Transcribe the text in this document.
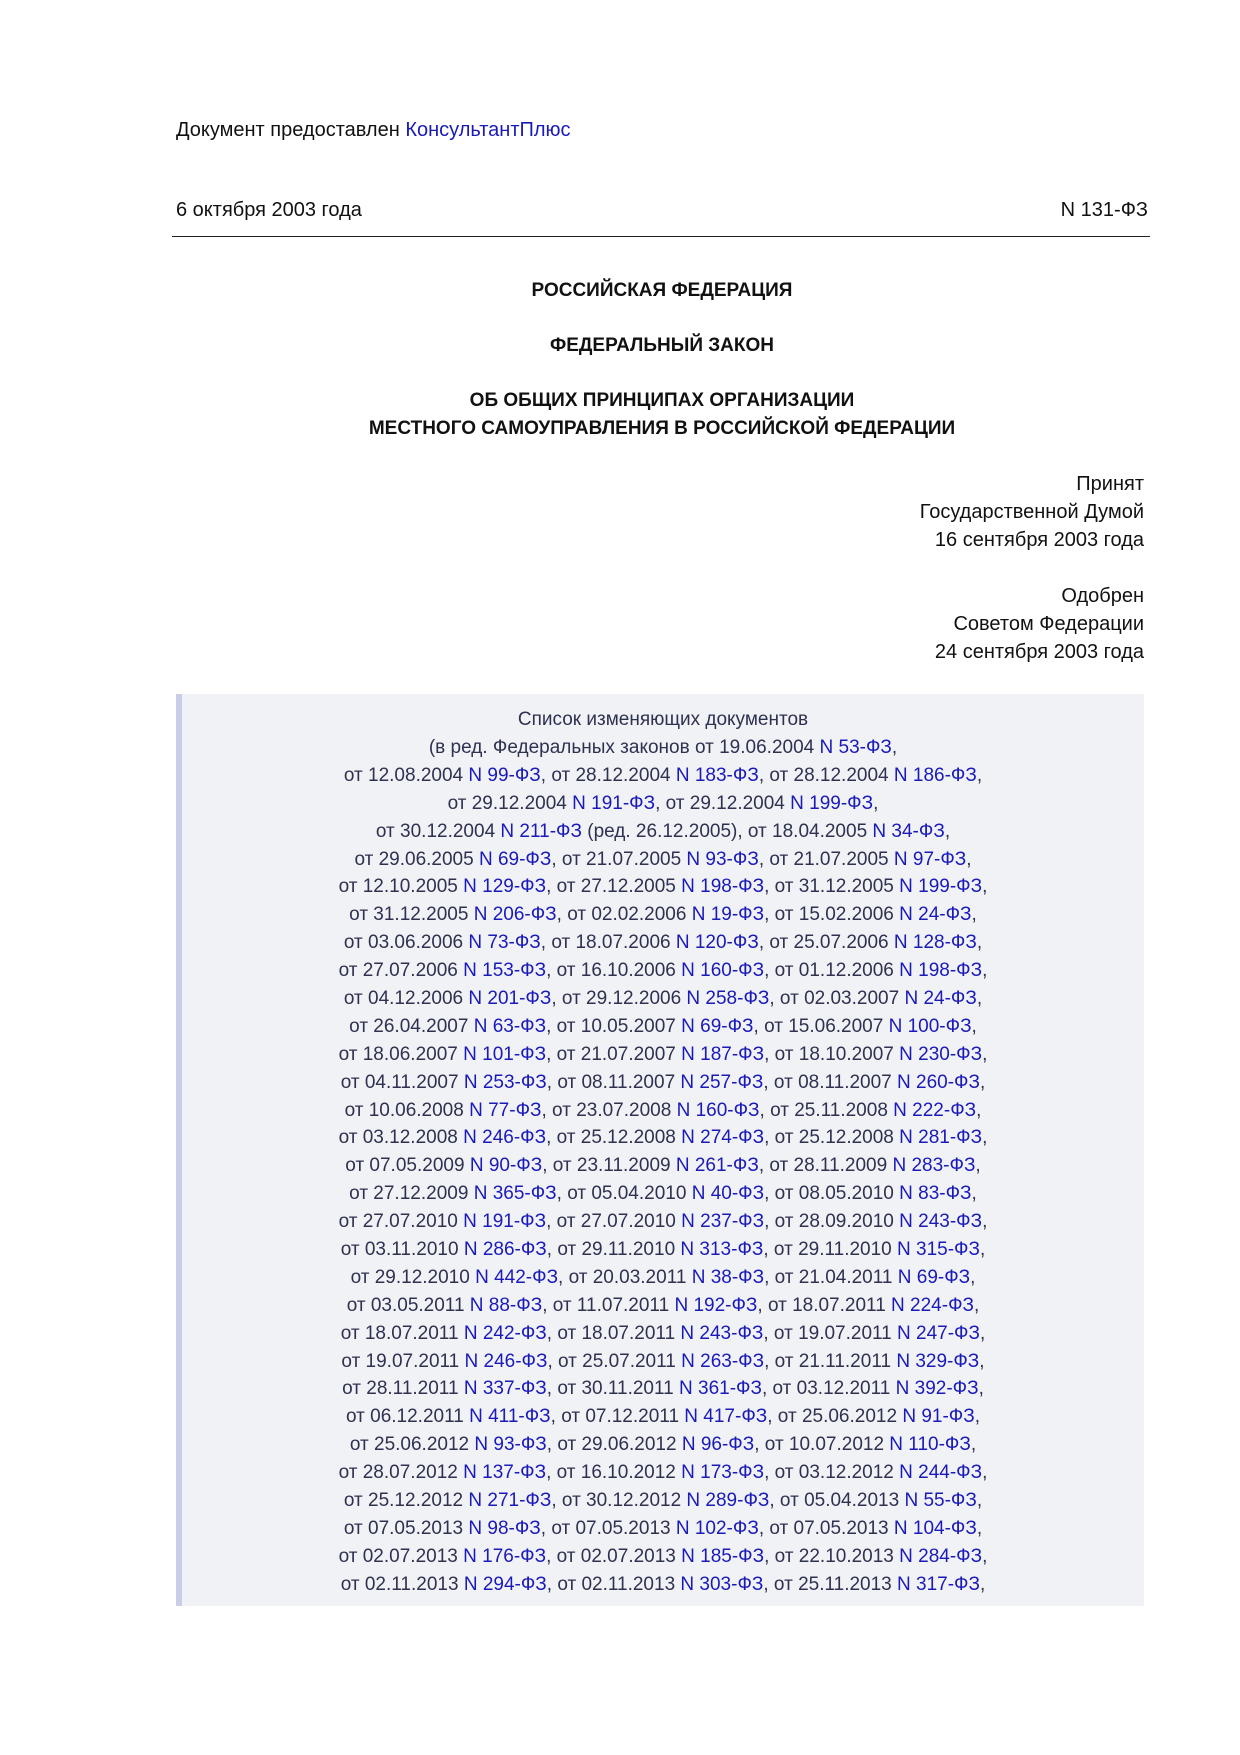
Документ предоставлен КонсультантПлюс
6 октября 2003 года	N 131-ФЗ
РОССИЙСКАЯ ФЕДЕРАЦИЯ
ФЕДЕРАЛЬНЫЙ ЗАКОН
ОБ ОБЩИХ ПРИНЦИПАХ ОРГАНИЗАЦИИ
МЕСТНОГО САМОУПРАВЛЕНИЯ В РОССИЙСКОЙ ФЕДЕРАЦИИ
Принят
Государственной Думой
16 сентября 2003 года
Одобрен
Советом Федерации
24 сентября 2003 года
Список изменяющих документов
(в ред. Федеральных законов от 19.06.2004 N 53-ФЗ,
от 12.08.2004 N 99-ФЗ, от 28.12.2004 N 183-ФЗ, от 28.12.2004 N 186-ФЗ,
от 29.12.2004 N 191-ФЗ, от 29.12.2004 N 199-ФЗ,
от 30.12.2004 N 211-ФЗ (ред. 26.12.2005), от 18.04.2005 N 34-ФЗ,
от 29.06.2005 N 69-ФЗ, от 21.07.2005 N 93-ФЗ, от 21.07.2005 N 97-ФЗ,
от 12.10.2005 N 129-ФЗ, от 27.12.2005 N 198-ФЗ, от 31.12.2005 N 199-ФЗ,
от 31.12.2005 N 206-ФЗ, от 02.02.2006 N 19-ФЗ, от 15.02.2006 N 24-ФЗ,
от 03.06.2006 N 73-ФЗ, от 18.07.2006 N 120-ФЗ, от 25.07.2006 N 128-ФЗ,
от 27.07.2006 N 153-ФЗ, от 16.10.2006 N 160-ФЗ, от 01.12.2006 N 198-ФЗ,
от 04.12.2006 N 201-ФЗ, от 29.12.2006 N 258-ФЗ, от 02.03.2007 N 24-ФЗ,
от 26.04.2007 N 63-ФЗ, от 10.05.2007 N 69-ФЗ, от 15.06.2007 N 100-ФЗ,
от 18.06.2007 N 101-ФЗ, от 21.07.2007 N 187-ФЗ, от 18.10.2007 N 230-ФЗ,
от 04.11.2007 N 253-ФЗ, от 08.11.2007 N 257-ФЗ, от 08.11.2007 N 260-ФЗ,
от 10.06.2008 N 77-ФЗ, от 23.07.2008 N 160-ФЗ, от 25.11.2008 N 222-ФЗ,
от 03.12.2008 N 246-ФЗ, от 25.12.2008 N 274-ФЗ, от 25.12.2008 N 281-ФЗ,
от 07.05.2009 N 90-ФЗ, от 23.11.2009 N 261-ФЗ, от 28.11.2009 N 283-ФЗ,
от 27.12.2009 N 365-ФЗ, от 05.04.2010 N 40-ФЗ, от 08.05.2010 N 83-ФЗ,
от 27.07.2010 N 191-ФЗ, от 27.07.2010 N 237-ФЗ, от 28.09.2010 N 243-ФЗ,
от 03.11.2010 N 286-ФЗ, от 29.11.2010 N 313-ФЗ, от 29.11.2010 N 315-ФЗ,
от 29.12.2010 N 442-ФЗ, от 20.03.2011 N 38-ФЗ, от 21.04.2011 N 69-ФЗ,
от 03.05.2011 N 88-ФЗ, от 11.07.2011 N 192-ФЗ, от 18.07.2011 N 224-ФЗ,
от 18.07.2011 N 242-ФЗ, от 18.07.2011 N 243-ФЗ, от 19.07.2011 N 247-ФЗ,
от 19.07.2011 N 246-ФЗ, от 25.07.2011 N 263-ФЗ, от 21.11.2011 N 329-ФЗ,
от 28.11.2011 N 337-ФЗ, от 30.11.2011 N 361-ФЗ, от 03.12.2011 N 392-ФЗ,
от 06.12.2011 N 411-ФЗ, от 07.12.2011 N 417-ФЗ, от 25.06.2012 N 91-ФЗ,
от 25.06.2012 N 93-ФЗ, от 29.06.2012 N 96-ФЗ, от 10.07.2012 N 110-ФЗ,
от 28.07.2012 N 137-ФЗ, от 16.10.2012 N 173-ФЗ, от 03.12.2012 N 244-ФЗ,
от 25.12.2012 N 271-ФЗ, от 30.12.2012 N 289-ФЗ, от 05.04.2013 N 55-ФЗ,
от 07.05.2013 N 98-ФЗ, от 07.05.2013 N 102-ФЗ, от 07.05.2013 N 104-ФЗ,
от 02.07.2013 N 176-ФЗ, от 02.07.2013 N 185-ФЗ, от 22.10.2013 N 284-ФЗ,
от 02.11.2013 N 294-ФЗ, от 02.11.2013 N 303-ФЗ, от 25.11.2013 N 317-ФЗ,
